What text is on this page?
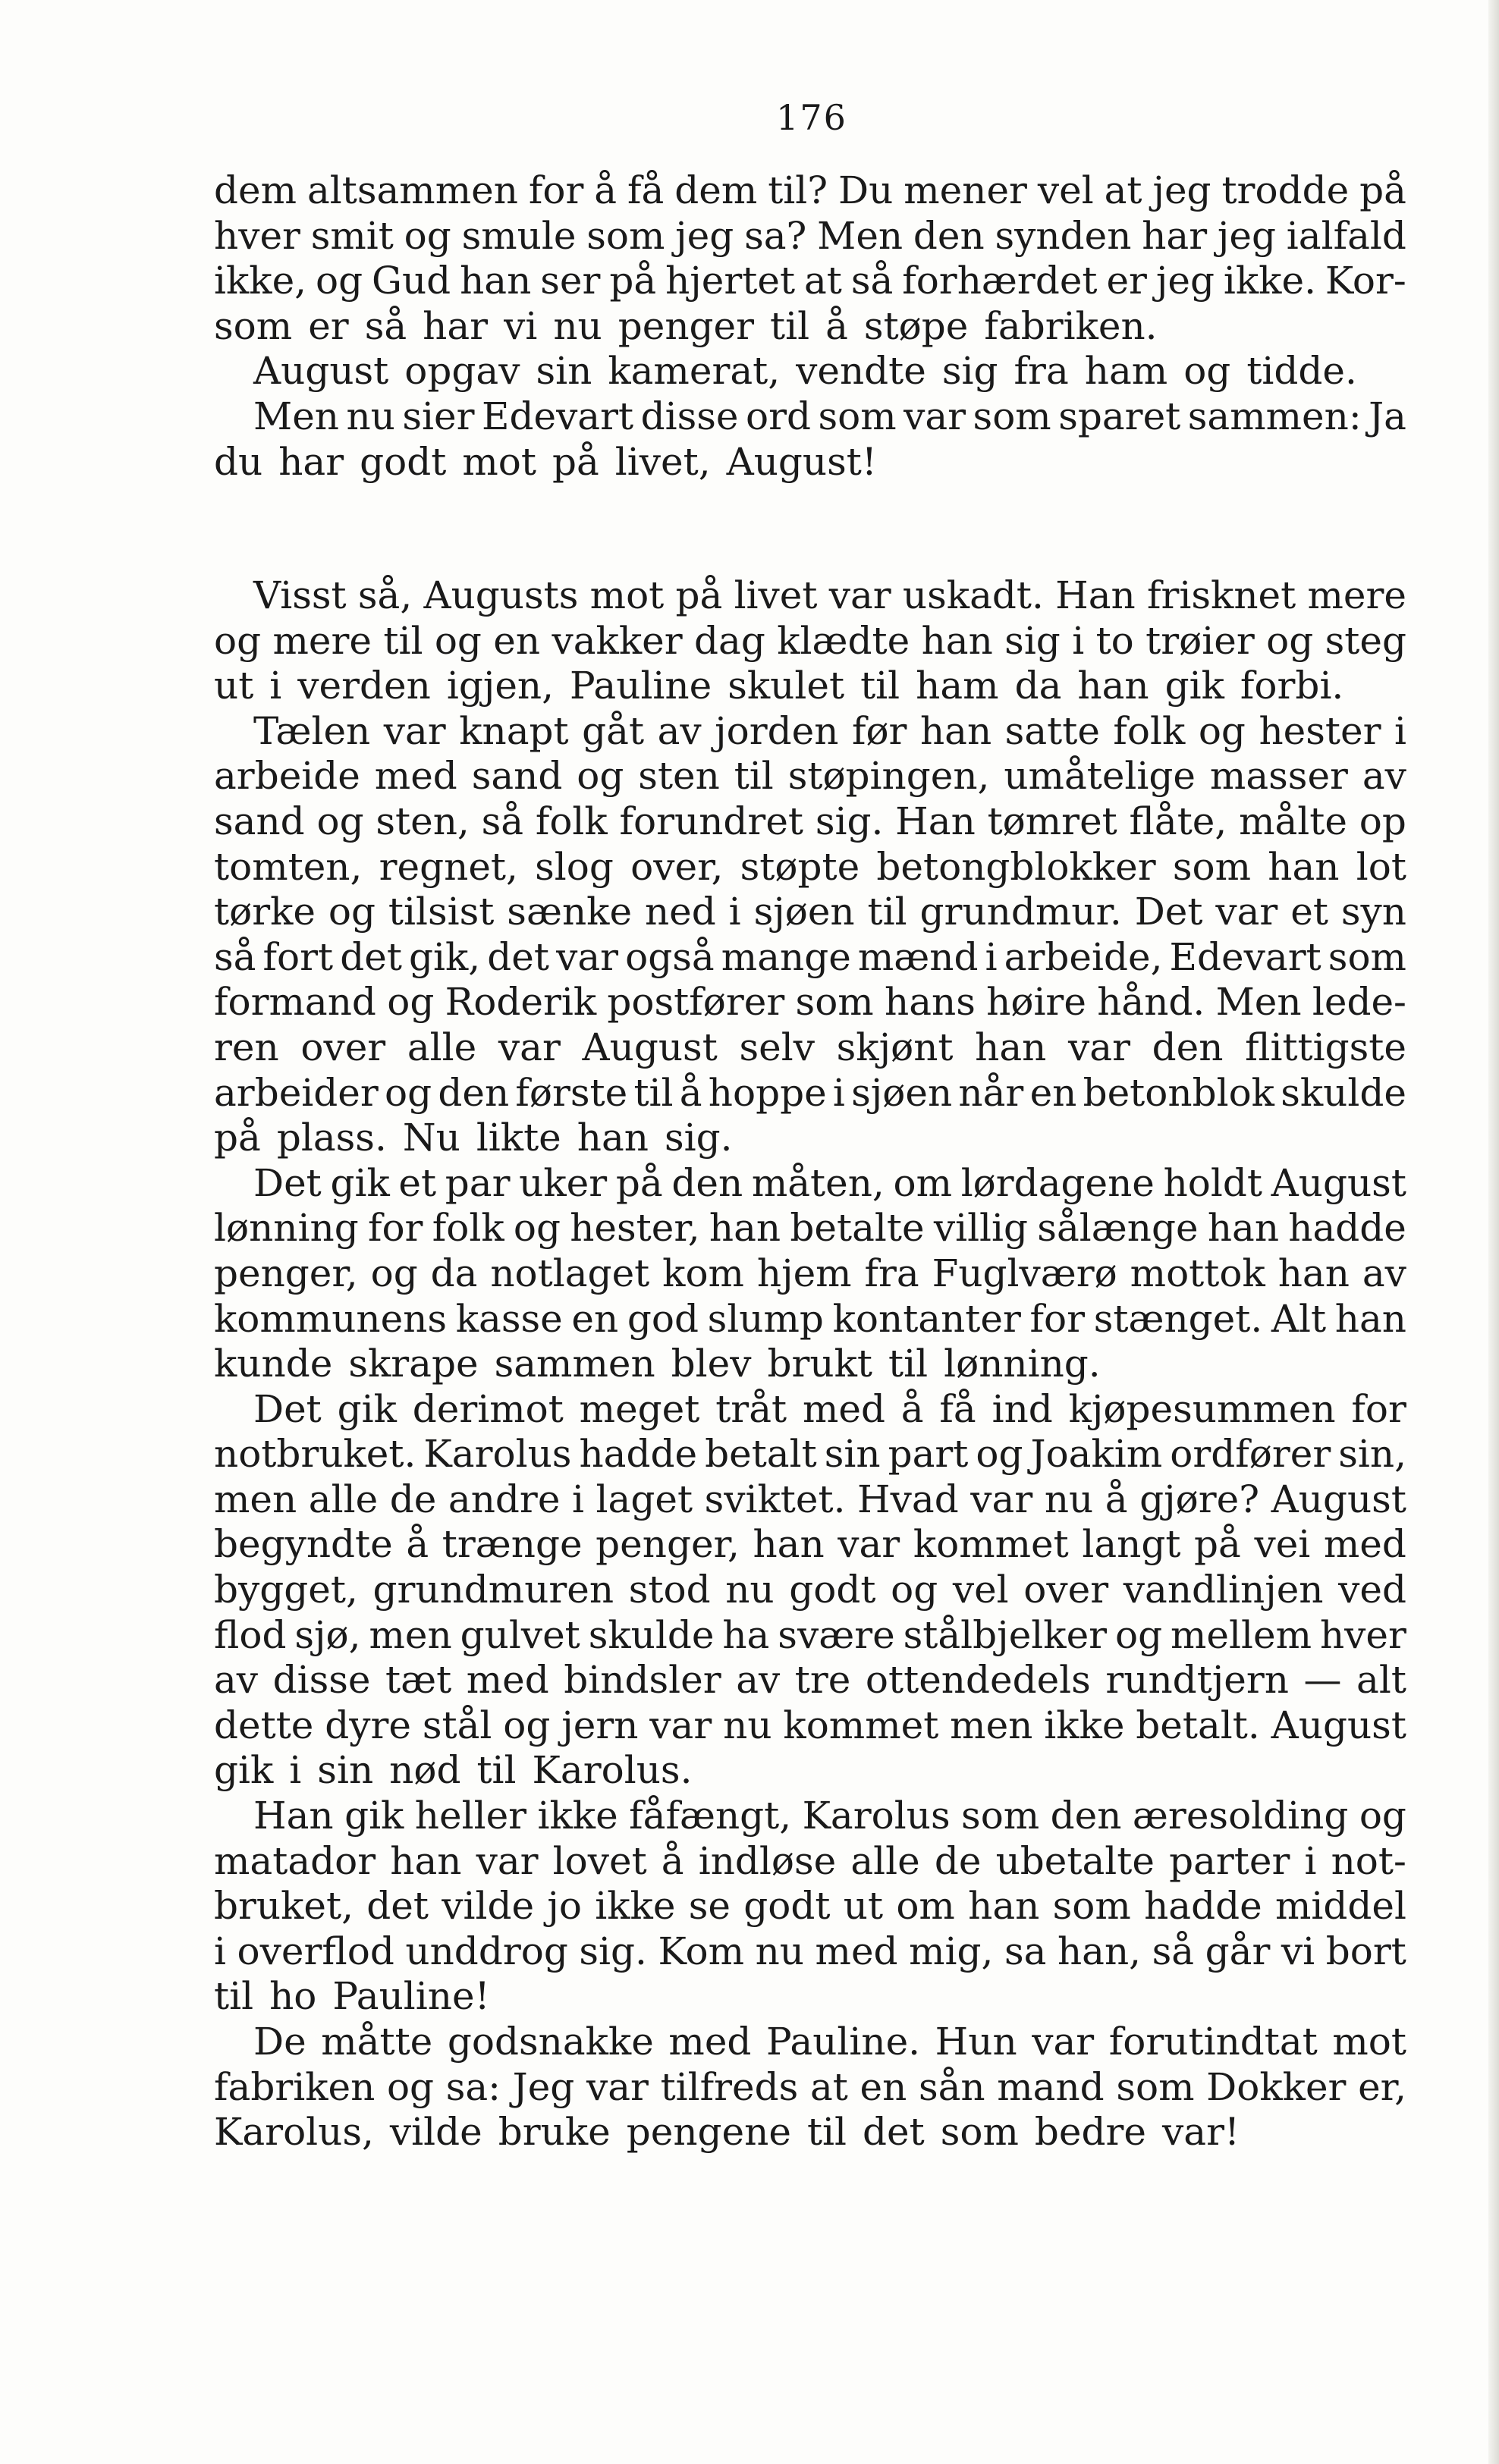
176
dem altsammen for å få dem til? Du mener vel at jeg trodde på
hver smit og smule som jeg sa? Men den synden har jeg ialfald
ikke, og Gud han ser på hjertet at så forhærdet er jeg ikke. Kor-
som er så har vi nu penger til å støpe fabriken.
August opgav sin kamerat, vendte sig fra ham og tidde.
Men nu sier Edevart disse ord som var som sparet sammen: Ja
du har godt mot på livet, August!
Visst så, Augusts mot på livet var uskadt. Han frisknet mere
og mere til og en vakker dag klædte han sig i to trøier og steg
ut i verden igjen, Pauline skulet til ham da han gik forbi.
Tælen var knapt gåt av jorden før han satte folk og hester i
arbeide med sand og sten til støpingen, umåtelige masser av
sand og sten, så folk forundret sig. Han tømret flåte, målte op
tomten, regnet, slog over, støpte betongblokker som han lot
tørke og tilsist sænke ned i sjøen til grundmur. Det var et syn
så fort det gik, det var også mange mænd i arbeide, Edevart som
formand og Roderik postfører som hans høire hånd. Men lede-
ren over alle var August selv skjønt han var den flittigste
arbeider og den første til å hoppe i sjøen når en betonblok skulde
på plass. Nu likte han sig.
Det gik et par uker på den måten, om lørdagene holdt August
lønning for folk og hester, han betalte villig sålænge han hadde
penger, og da notlaget kom hjem fra Fuglværø mottok han av
kommunens kasse en god slump kontanter for stænget. Alt han
kunde skrape sammen blev brukt til lønning.
Det gik derimot meget tråt med å få ind kjøpesummen for
notbruket. Karolus hadde betalt sin part og Joakim ordfører sin,
men alle de andre i laget sviktet. Hvad var nu å gjøre? August
begyndte å trænge penger, han var kommet langt på vei med
bygget, grundmuren stod nu godt og vel over vandlinjen ved
flod sjø, men gulvet skulde ha svære stålbjelker og mellem hver
av disse tæt med bindsler av tre ottendedels rundtjern — alt
dette dyre stål og jern var nu kommet men ikke betalt. August
gik i sin nød til Karolus.
Han gik heller ikke fåfængt, Karolus som den æresolding og
matador han var lovet å indløse alle de ubetalte parter i not-
bruket, det vilde jo ikke se godt ut om han som hadde middel
i overflod unddrog sig. Kom nu med mig, sa han, så går vi bort
til ho Pauline!
De måtte godsnakke med Pauline. Hun var forutindtat mot
fabriken og sa: Jeg var tilfreds at en sån mand som Dokker er,
Karolus, vilde bruke pengene til det som bedre var!
